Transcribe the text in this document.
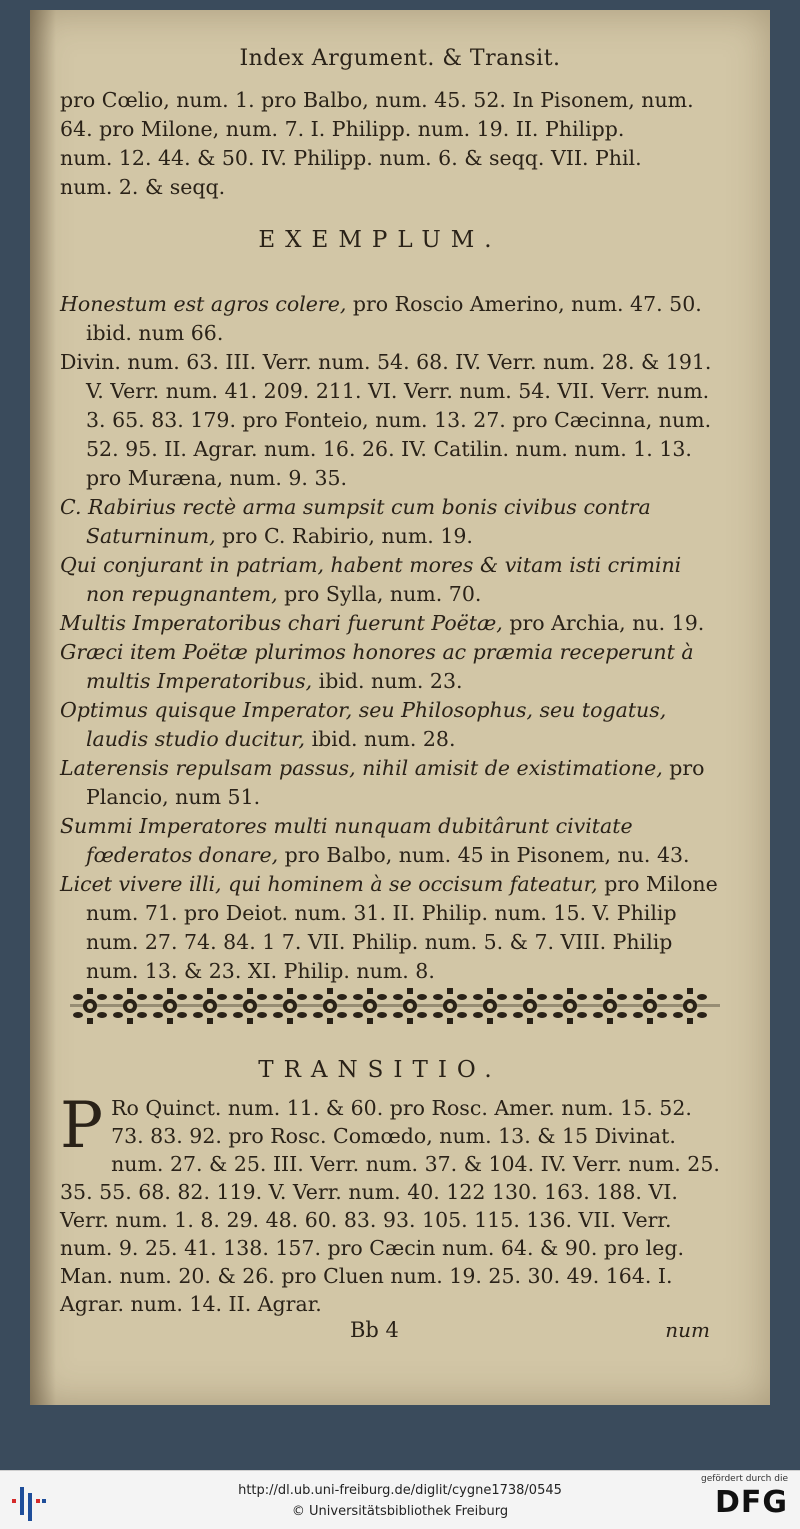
Index Argument. & Transit.
pro Cœlio, num. 1. pro Balbo, num. 45. 52. In Pisonem, num.
64. pro Milone, num. 7. I. Philipp. num. 19. II. Philipp.
num. 12. 44. & 50. IV. Philipp. num. 6. & seqq. VII. Phil.
num. 2. & seqq.
EXEMPLUM.

Honestum est agros colere, pro Roscio Amerino, num. 47. 50. ibid. num 66.

Divin. num. 63. III. Verr. num. 54. 68. IV. Verr. num. 28. & 191. V. Verr. num. 41. 209. 211. VI. Verr. num. 54. VII. Verr. num. 3. 65. 83. 179. pro Fonteio, num. 13. 27. pro Cæcinna, num. 52. 95. II. Agrar. num. 16. 26. IV. Catilin. num. num. 1. 13. pro Muræna, num. 9. 35.

C. Rabirius rectè arma sumpsit cum bonis civibus contra Saturninum, pro C. Rabirio, num. 19.

Qui conjurant in patriam, habent mores & vitam isti crimini non repugnantem, pro Sylla, num. 70.

Multis Imperatoribus chari fuerunt Poëtæ, pro Archia, nu. 19.

Græci item Poëtæ plurimos honores ac præmia receperunt à multis Imperatoribus, ibid. num. 23.

Optimus quisque Imperator, seu Philosophus, seu togatus, laudis studio ducitur, ibid. num. 28.

Laterensis repulsam passus, nihil amisit de existimatione, pro Plancio, num 51.

Summi Imperatores multi nunquam dubitârunt civitate fœderatos donare, pro Balbo, num. 45 in Pisonem, nu. 43.

Licet vivere illi, qui hominem à se occisum fateatur, pro Milone num. 71. pro Deiot. num. 31. II. Philip. num. 15. V. Philip num. 27. 74. 84. 1 7. VII. Philip. num. 5. & 7. VIII. Philip num. 13. & 23. XI. Philip. num. 8.

TRANSITIO.
P Ro Quinct. num. 11. & 60. pro Rosc. Amer. num. 15. 52. 73. 83. 92. pro Rosc. Comœdo, num. 13. & 15 Divinat. num. 27. & 25. III. Verr. num. 37. & 104. IV. Verr. num. 25. 35. 55. 68. 82. 119. V. Verr. num. 40. 122 130. 163. 188. VI. Verr. num. 1. 8. 29. 48. 60. 83. 93. 105. 115. 136. VII. Verr. num. 9. 25. 41. 138. 157. pro Cæcin num. 64. & 90. pro leg. Man. num. 20. & 26. pro Cluen num. 19. 25. 30. 49. 164. I. Agrar. num. 14. II. Agrar.
Bb 4	num
http://dl.ub.uni-freiburg.de/diglit/cygne1738/0545
© Universitätsbibliothek Freiburg
gefördert durch die
DFG
